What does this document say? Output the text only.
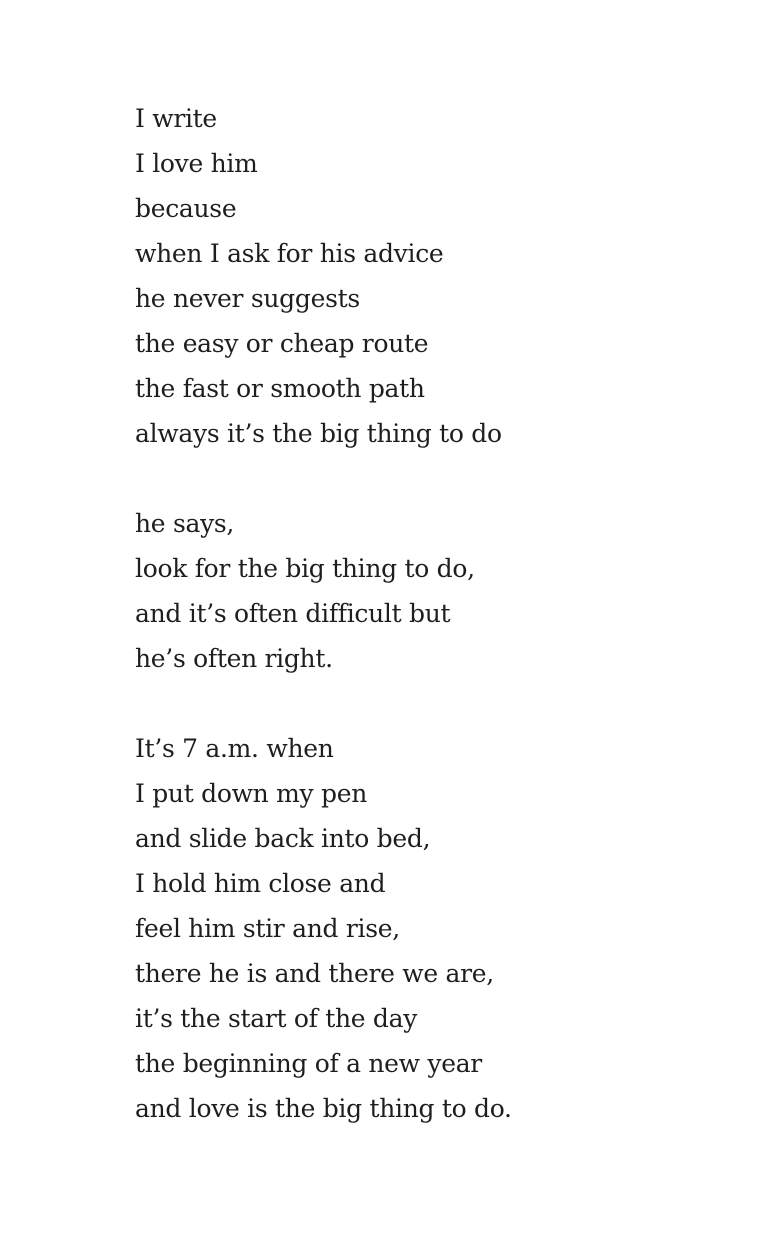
I write
I love him
because
when I ask for his advice
he never suggests
the easy or cheap route
the fast or smooth path
always it’s the big thing to do
he says,
look for the big thing to do,
and it’s often difficult but
he’s often right.
It’s 7 a.m. when
I put down my pen
and slide back into bed,
I hold him close and
feel him stir and rise,
there he is and there we are,
it’s the start of the day
the beginning of a new year
and love is the big thing to do.
